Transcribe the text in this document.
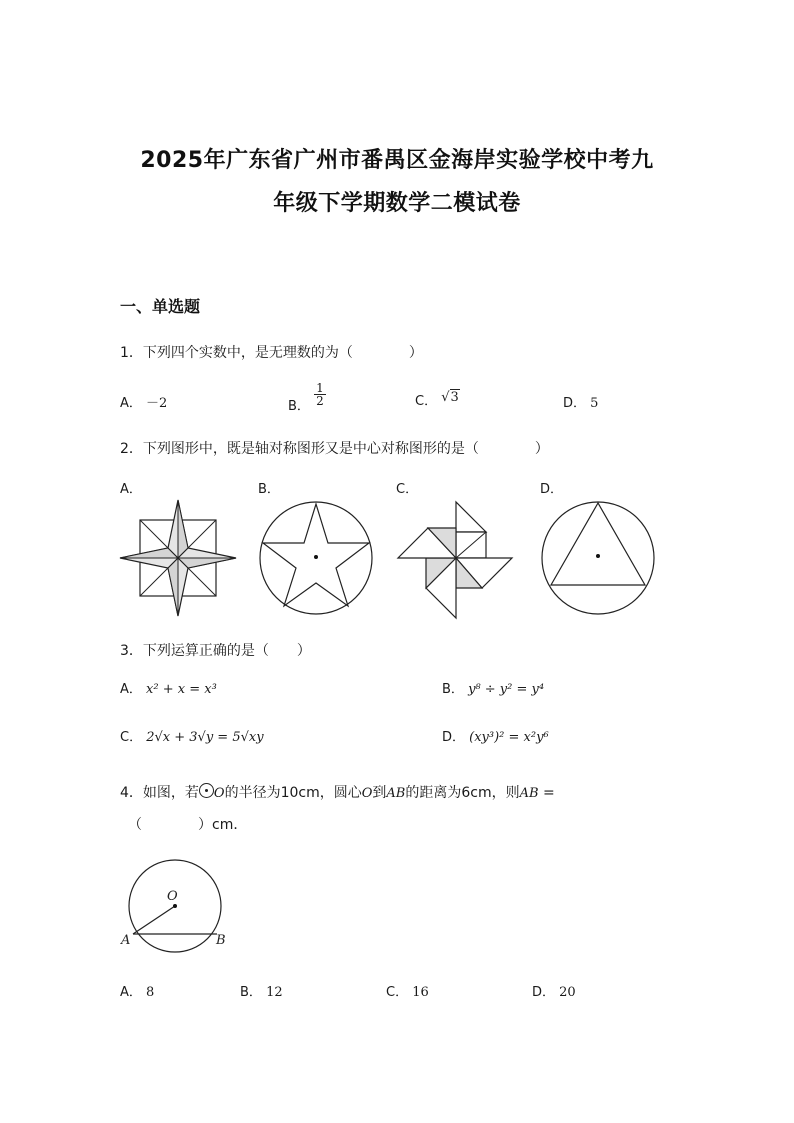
2025年广东省广州市番禺区金海岸实验学校中考九
年级下学期数学二模试卷
一、单选题
1．下列四个实数中，是无理数的为（　　　　）
A． －2	B． $\frac{1}{2}$	C． √3	D． 5
2．下列图形中，既是轴对称图形又是中心对称图形的是（　　　　）
A．	B．	C．	D．
3．下列运算正确的是（　　）
A． x² + x = x³	B． y⁸ ÷ y² = y⁴
C． 2√x + 3√y = 5√xy	D． (xy³)² = x²y⁶
4．如图，若 O的半径为10cm，圆心O到AB的距离为6cm，则AB =
（　　　　）cm．
O
A	B
A． 8	B． 12	C． 16	D． 20
